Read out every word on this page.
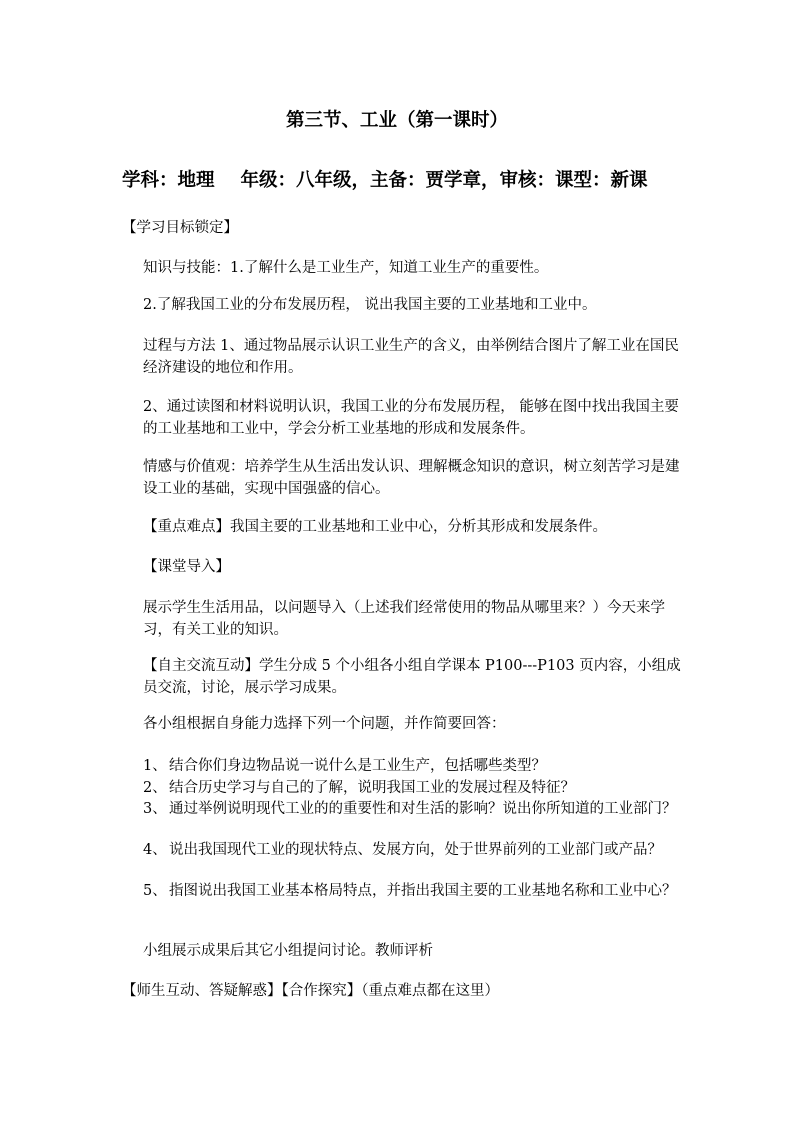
第三节、工业（第一课时）
学科：地理 年级：八年级，主备：贾学章，审核：课型：新课
【学习目标锁定】
知识与技能：1.了解什么是工业生产，知道工业生产的重要性。
2.了解我国工业的分布发展历程， 说出我国主要的工业基地和工业中。
过程与方法 1、通过物品展示认识工业生产的含义，由举例结合图片了解工业在国民经济建设的地位和作用。
2、通过读图和材料说明认识，我国工业的分布发展历程， 能够在图中找出我国主要的工业基地和工业中，学会分析工业基地的形成和发展条件。
情感与价值观：培养学生从生活出发认识、理解概念知识的意识，树立刻苦学习是建设工业的基础，实现中国强盛的信心。
【重点难点】我国主要的工业基地和工业中心，分析其形成和发展条件。
【课堂导入】
展示学生生活用品，以问题导入（上述我们经常使用的物品从哪里来？）今天来学习，有关工业的知识。
【自主交流互动】学生分成 5 个小组各小组自学课本 P100---P103 页内容，小组成员交流，讨论，展示学习成果。
各小组根据自身能力选择下列一个问题，并作简要回答：
1、 结合你们身边物品说一说什么是工业生产，包括哪些类型？
2、 结合历史学习与自己的了解，说明我国工业的发展过程及特征？
3、 通过举例说明现代工业的的重要性和对生活的影响？说出你所知道的工业部门？
4、 说出我国现代工业的现状特点、发展方向，处于世界前列的工业部门或产品？
5、 指图说出我国工业基本格局特点，并指出我国主要的工业基地名称和工业中心？
小组展示成果后其它小组提问讨论。教师评析
【师生互动、答疑解惑】【合作探究】（重点难点都在这里）
